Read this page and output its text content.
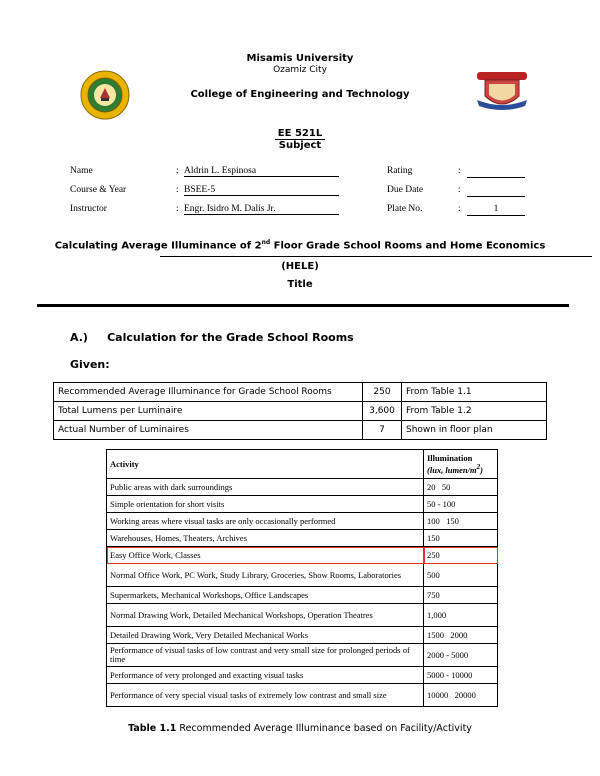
Misamis University
Ozamiz City
College of Engineering and Technology
EE 521L
Subject
Name	: Aldrin L. Espinosa
Course & Year	: BSEE-5
Instructor	: Engr. Isidro M. Dalis Jr.
Rating	:
Due Date	:
Plate No.	:	1
Calculating Average Illuminance of 2nd Floor Grade School Rooms and Home Economics
(HELE)
Title
A.)     Calculation for the Grade School Rooms
Given:
Recommended Average Illuminance for Grade School Rooms	250	From Table 1.1
Total Lumens per Luminaire	3,600	From Table 1.2
Actual Number of Luminaires	7	Shown in floor plan
Activity	Illumination
(lux, lumen/$m^2$)
Public areas with dark surroundings	20   50
Simple orientation for short visits	50 - 100
Working areas where visual tasks are only occasionally performed	100   150
Warehouses, Homes, Theaters, Archives	150
Easy Office Work, Classes	250
Normal Office Work, PC Work, Study Library, Groceries, Show Rooms, Laboratories	500
Supermarkets, Mechanical Workshops, Office Landscapes	750
Normal Drawing Work, Detailed Mechanical Workshops, Operation Theatres	1,000
Detailed Drawing Work, Very Detailed Mechanical Works	1500   2000
Performance of visual tasks of low contrast and very small size for prolonged periods of time	2000 - 5000
Performance of very prolonged and exacting visual tasks	5000 - 10000
Performance of very special visual tasks of extremely low contrast and small size	10000   20000
Table 1.1 Recommended Average Illuminance based on Facility/Activity
